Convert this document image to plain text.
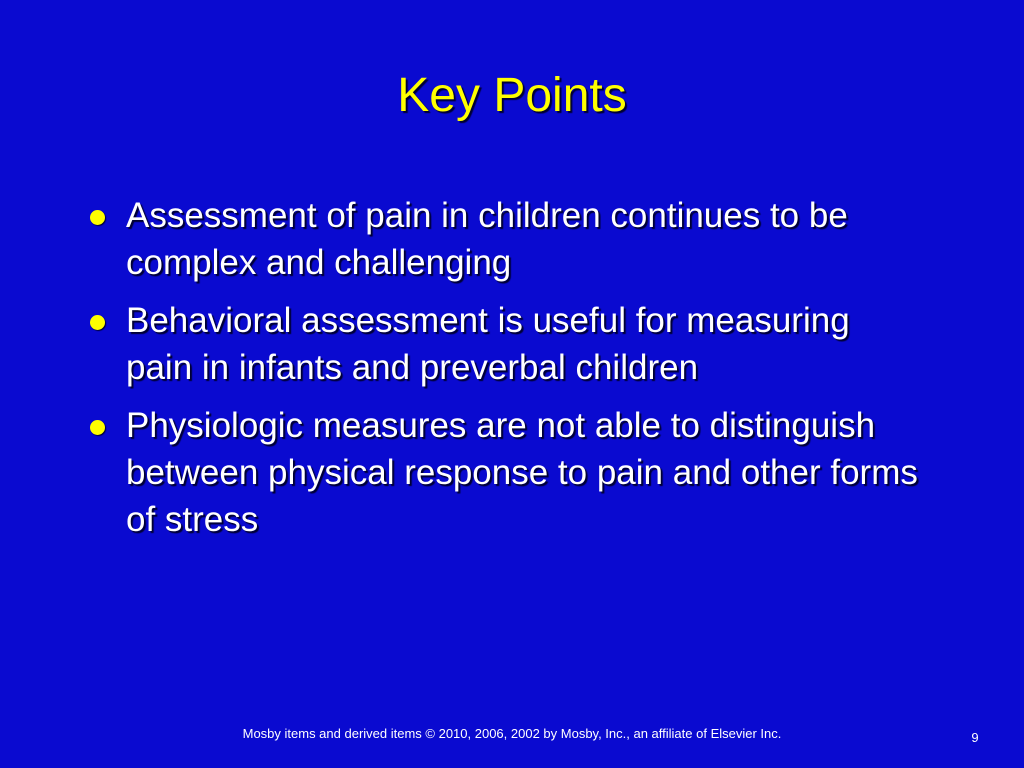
Key Points
Assessment of pain in children continues to be complex and challenging
Behavioral assessment is useful for measuring pain in infants and preverbal children
Physiologic measures are not able to distinguish between physical response to pain and other forms of stress
Mosby items and derived items © 2010, 2006, 2002 by Mosby, Inc., an affiliate of Elsevier Inc.	9
